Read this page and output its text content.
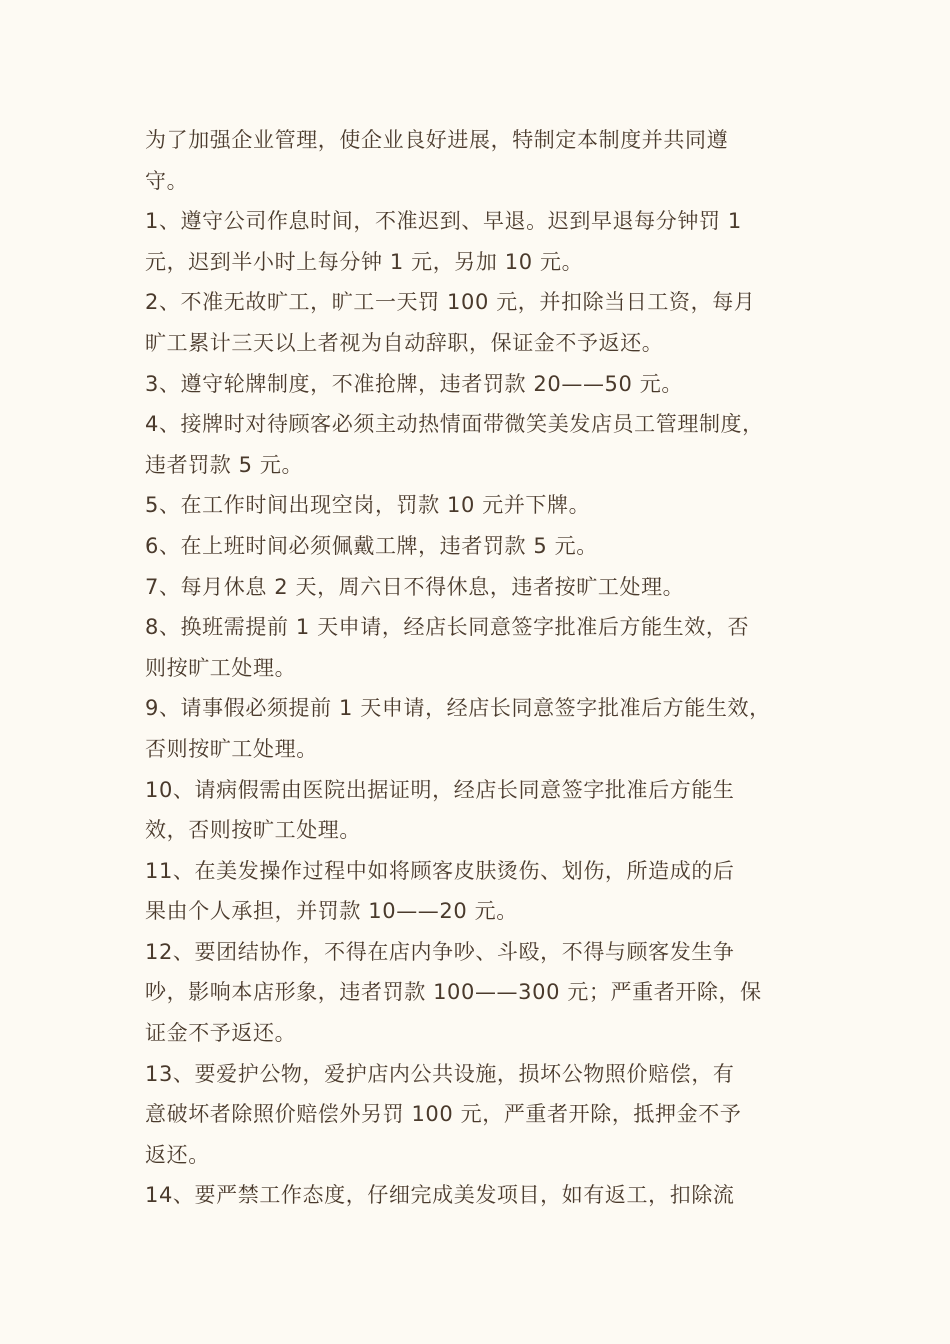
为了加强企业管理，使企业良好进展，特制定本制度并共同遵
守。
1、遵守公司作息时间，不准迟到、早退。迟到早退每分钟罚 1
元，迟到半小时上每分钟 1 元，另加 10 元。
2、不准无故旷工，旷工一天罚 100 元，并扣除当日工资，每月
旷工累计三天以上者视为自动辞职，保证金不予返还。
3、遵守轮牌制度，不准抢牌，违者罚款 20——50 元。
4、接牌时对待顾客必须主动热情面带微笑美发店员工管理制度，
违者罚款 5 元。
5、在工作时间出现空岗，罚款 10 元并下牌。
6、在上班时间必须佩戴工牌，违者罚款 5 元。
7、每月休息 2 天，周六日不得休息，违者按旷工处理。
8、换班需提前 1 天申请，经店长同意签字批准后方能生效，否
则按旷工处理。
9、请事假必须提前 1 天申请，经店长同意签字批准后方能生效，
否则按旷工处理。
10、请病假需由医院出据证明，经店长同意签字批准后方能生
效，否则按旷工处理。
11、在美发操作过程中如将顾客皮肤烫伤、划伤，所造成的后
果由个人承担，并罚款 10——20 元。
12、要团结协作，不得在店内争吵、斗殴，不得与顾客发生争
吵，影响本店形象，违者罚款 100——300 元；严重者开除，保
证金不予返还。
13、要爱护公物，爱护店内公共设施，损坏公物照价赔偿，有
意破坏者除照价赔偿外另罚 100 元，严重者开除，抵押金不予
返还。
14、要严禁工作态度，仔细完成美发项目，如有返工，扣除流
